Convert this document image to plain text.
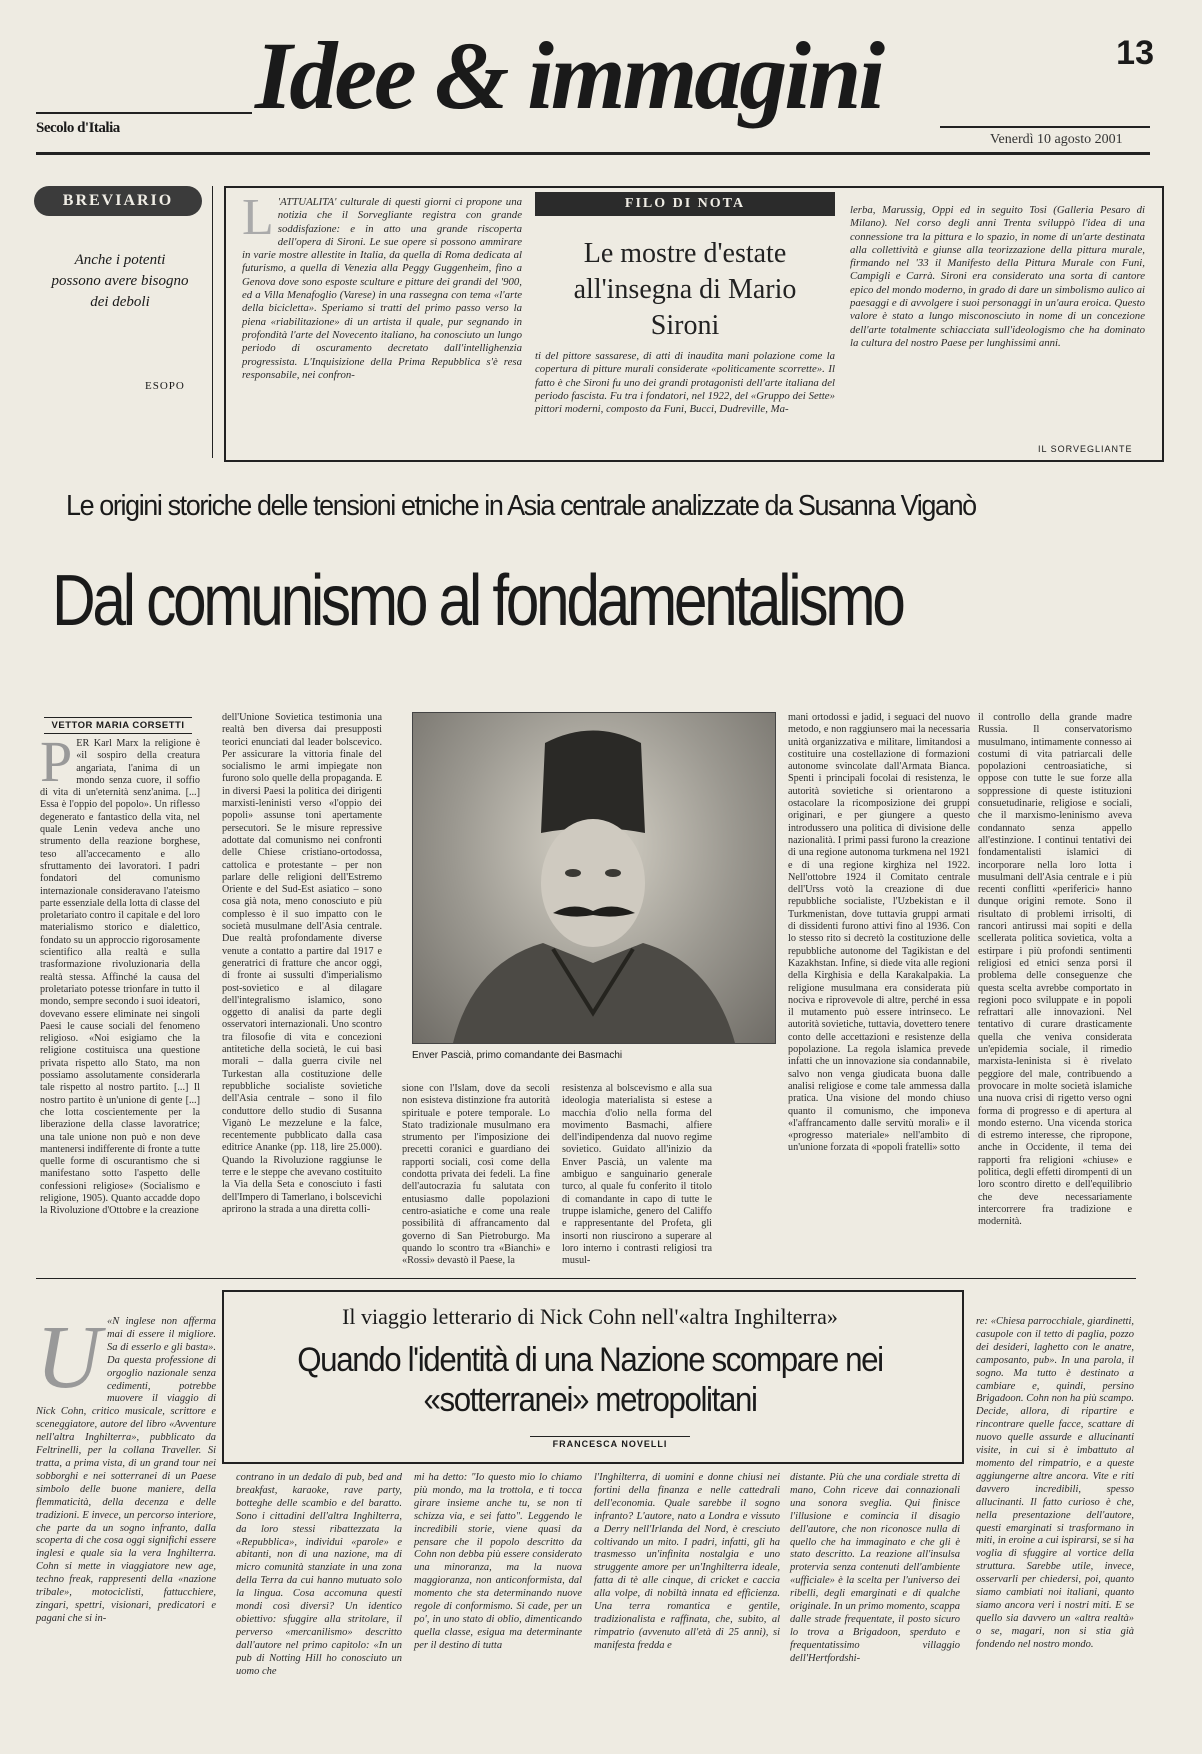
Idee & immagini	13
Secolo d'Italia
Venerdì 10 agosto 2001
BREVIARIO
Anche i potenti possono avere bisogno dei deboli
ESOPO
FILO DI NOTA
Le mostre d'estate all'insegna di Mario Sironi
L 'ATTUALITA' culturale di questi giorni ci propone una notizia che il Sorvegliante registra con grande soddisfazione: e in atto una grande riscoperta dell'opera di Sironi. Le sue opere si possono ammirare in varie mostre allestite in Italia, da quella di Roma dedicata al futurismo, a quella di Venezia alla Peggy Guggenheim, fino a Genova dove sono esposte sculture e pitture dei grandi del '900, ed a Villa Menafoglio (Varese) in una rassegna con tema «l'arte della bicicletta». Speriamo si tratti del primo passo verso la piena «riabilitazione» di un artista il quale, pur segnando in profondità l'arte del Novecento italiano, ha conosciuto un lungo periodo di oscuramento decretato dall'intellighenzia progressista. L'Inquisizione della Prima Repubblica s'è resa responsabile, nei confron-
ti del pittore sassarese, di atti di inaudita mani polazione come la copertura di pitture murali considerate «politicamente scorrette». Il fatto è che Sironi fu uno dei grandi protagonisti dell'arte italiana del periodo fascista. Fu tra i fondatori, nel 1922, del «Gruppo dei Sette» pittori moderni, composto da Funi, Bucci, Dudreville, Ma-
lerba, Marussig, Oppi ed in seguito Tosi (Galleria Pesaro di Milano). Nel corso degli anni Trenta sviluppò l'idea di una connessione tra la pittura e lo spazio, in nome di un'arte destinata alla collettività e giunse alla teorizzazione della pittura murale, firmando nel '33 il Manifesto della Pittura Murale con Funi, Campigli e Carrà. Sironi era considerato una sorta di cantore epico del mondo moderno, in grado di dare un simbolismo aulico ai paesaggi e di avvolgere i suoi personaggi in un'aura eroica. Questo valore è stato a lungo misconosciuto in nome di un concezione dell'arte totalmente schiacciata sull'ideologismo che ha dominato la cultura del nostro Paese per lunghissimi anni.
IL SORVEGLIANTE
Le origini storiche delle tensioni etniche in Asia centrale analizzate da Susanna Viganò
Dal comunismo al fondamentalismo
VETTOR MARIA CORSETTI
P ER Karl Marx la religione è «il sospiro della creatura angariata, l'anima di un mondo senza cuore, il soffio di vita di un'eternità senz'anima. [...] Essa è l'oppio del popolo». Un riflesso degenerato e fantastico della vita, nel quale Lenin vedeva anche uno strumento della reazione borghese, teso all'accecamento e allo sfruttamento dei lavoratori. I padri fondatori del comunismo internazionale consideravano l'ateismo parte essenziale della lotta di classe del proletariato contro il capitale e del loro materialismo storico e dialettico, fondato su un approccio rigorosamente scientifico alla realtà e sulla trasformazione rivoluzionaria della realtà stessa. Affinché la causa del proletariato potesse trionfare in tutto il mondo, sempre secondo i suoi ideatori, dovevano essere eliminate nei singoli Paesi le cause sociali del fenomeno religioso. «Noi esigiamo che la religione costituisca una questione privata rispetto allo Stato, ma non possiamo assolutamente considerarla tale rispetto al nostro partito. [...] Il nostro partito è un'unione di gente [...] che lotta coscientemente per la liberazione della classe lavoratrice; una tale unione non può e non deve mantenersi indifferente di fronte a tutte quelle forme di oscurantismo che si manifestano sotto l'aspetto delle confessioni religiose» (Socialismo e religione, 1905). Quanto accadde dopo la Rivoluzione d'Ottobre e la creazione
dell'Unione Sovietica testimonia una realtà ben diversa dai presupposti teorici enunciati dal leader bolscevico. Per assicurare la vittoria finale del socialismo le armi impiegate non furono solo quelle della propaganda. E in diversi Paesi la politica dei dirigenti marxisti-leninisti verso «l'oppio dei popoli» assunse toni apertamente persecutori. Se le misure repressive adottate dal comunismo nei confronti delle Chiese cristiano-ortodossa, cattolica e protestante – per non parlare delle religioni dell'Estremo Oriente e del Sud-Est asiatico – sono cosa già nota, meno conosciuto e più complesso è il suo impatto con le società musulmane dell'Asia centrale. Due realtà profondamente diverse venute a contatto a partire dal 1917 e generatrici di fratture che ancor oggi, di fronte ai sussulti d'imperialismo post-sovietico e al dilagare dell'integralismo islamico, sono oggetto di analisi da parte degli osservatori internazionali. Uno scontro tra filosofie di vita e concezioni antitetiche della società, le cui basi morali – dalla guerra civile nel Turkestan alla costituzione delle repubbliche socialiste sovietiche dell'Asia centrale – sono il filo conduttore dello studio di Susanna Viganò Le mezzelune e la falce, recentemente pubblicato dalla casa editrice Ananke (pp. 118, lire 25.000). Quando la Rivoluzione raggiunse le terre e le steppe che avevano costituito la Via della Seta e conosciuto i fasti dell'Impero di Tamerlano, i bolscevichi aprirono la strada a una diretta colli-
Enver Pascià, primo comandante dei Basmachi
sione con l'Islam, dove da secoli non esisteva distinzione fra autorità spirituale e potere temporale. Lo Stato tradizionale musulmano era strumento per l'imposizione dei precetti coranici e guardiano dei rapporti sociali, così come della condotta privata dei fedeli. La fine dell'autocrazia fu salutata con entusiasmo dalle popolazioni centro-asiatiche e come una reale possibilità di affrancamento dal governo di San Pietroburgo. Ma quando lo scontro tra «Bianchi» e «Rossi» devastò il Paese, la
resistenza al bolscevismo e alla sua ideologia materialista si estese a macchia d'olio nella forma del movimento Basmachi, alfiere dell'indipendenza dal nuovo regime sovietico. Guidato all'inizio da Enver Pascià, un valente ma ambiguo e sanguinario generale turco, al quale fu conferito il titolo di comandante in capo di tutte le truppe islamiche, genero del Califfo e rappresentante del Profeta, gli insorti non riuscirono a superare al loro interno i contrasti religiosi tra musul-
mani ortodossi e jadid, i seguaci del nuovo metodo, e non raggiunsero mai la necessaria unità organizzativa e militare, limitandosi a costituire una costellazione di formazioni autonome svincolate dall'Armata Bianca. Spenti i principali focolai di resistenza, le autorità sovietiche si orientarono a ostacolare la ricomposizione dei gruppi originari, e per giungere a questo introdussero una politica di divisione delle nazionalità. I primi passi furono la creazione di una regione autonoma turkmena nel 1921 e di una regione kirghiza nel 1922. Nell'ottobre 1924 il Comitato centrale dell'Urss votò la creazione di due repubbliche socialiste, l'Uzbekistan e il Turkmenistan, dove tuttavia gruppi armati di dissidenti furono attivi fino al 1936. Con lo stesso rito si decretò la costituzione delle repubbliche autonome del Tagikistan e del Kazakhstan. Infine, si diede vita alle regioni della Kirghisia e della Karakalpakia. La religione musulmana era considerata più nociva e riprovevole di altre, perché in essa il mutamento può essere intrinseco. Le autorità sovietiche, tuttavia, dovettero tenere conto delle accettazioni e resistenze della popolazione. La regola islamica prevede infatti che un innovazione sia condannabile, salvo non venga giudicata buona dalle analisi religiose e come tale ammessa dalla pratica. Una visione del mondo chiuso quanto il comunismo, che imponeva «l'affrancamento dalle servitù morali» e il «progresso materiale» nell'ambito di un'unione forzata di «popoli fratelli» sotto
il controllo della grande madre Russia. Il conservatorismo musulmano, intimamente connesso ai costumi di vita patriarcali delle popolazioni centroasiatiche, si oppose con tutte le sue forze alla soppressione di queste istituzioni consuetudinarie, religiose e sociali, che il marxismo-leninismo aveva condannato senza appello all'estinzione. I continui tentativi dei fondamentalisti islamici di incorporare nella loro lotta i musulmani dell'Asia centrale e i più recenti conflitti «periferici» hanno dunque origini remote. Sono il risultato di problemi irrisolti, di rancori antirussi mai sopiti e della scellerata politica sovietica, volta a estirpare i più profondi sentimenti religiosi ed etnici senza porsi il problema delle conseguenze che questa scelta avrebbe comportato in regioni poco sviluppate e in popoli refrattari alle innovazioni. Nel tentativo di curare drasticamente quella che veniva considerata un'epidemia sociale, il rimedio marxista-leninista si è rivelato peggiore del male, contribuendo a provocare in molte società islamiche una nuova crisi di rigetto verso ogni forma di progresso e di apertura al mondo esterno. Una vicenda storica di estremo interesse, che ripropone, anche in Occidente, il tema dei rapporti fra religioni «chiuse» e politica, degli effetti dirompenti di un loro scontro diretto e dell'equilibrio che deve necessariamente intercorrere fra tradizione e modernità.
Il viaggio letterario di Nick Cohn nell'«altra Inghilterra»
Quando l'identità di una Nazione scompare nei «sotterranei» metropolitani
FRANCESCA NOVELLI
U «N inglese non afferma mai di essere il migliore. Sa di esserlo e gli basta». Da questa professione di orgoglio nazionale senza cedimenti, potrebbe muovere il viaggio di Nick Cohn, critico musicale, scrittore e sceneggiatore, autore del libro «Avventure nell'altra Inghilterra», pubblicato da Feltrinelli, per la collana Traveller. Si tratta, a prima vista, di un grand tour nei sobborghi e nei sotterranei di un Paese simbolo delle buone maniere, della flemmaticità, della decenza e delle tradizioni. E invece, un percorso interiore, che parte da un sogno infranto, dalla scoperta di che cosa oggi significhi essere inglesi e quale sia la vera Inghilterra. Cohn si mette in viaggiatore new age, techno freak, rappresenti della «nazione tribale», motociclisti, fattucchiere, zingari, spettri, visionari, predicatori e pagani che si in-
contrano in un dedalo di pub, bed and breakfast, karaoke, rave party, botteghe delle scambio e del baratto. Sono i cittadini dell'altra Inghilterra, da loro stessi ribattezzata la «Repubblica», individui «parole» e abitanti, non di una nazione, ma di micro comunità stanziate in una zona della Terra da cui hanno mutuato solo la lingua. Cosa accomuna questi mondi così diversi? Un identico obiettivo: sfuggire alla stritolare, il perverso «mercanilismo» descritto dall'autore nel primo capitolo: «In un pub di Notting Hill ho conosciuto un uomo che
mi ha detto: "Io questo mio lo chiamo più mondo, ma la trottola, e ti tocca girare insieme anche tu, se non ti schizza via, e sei fatto". Leggendo le incredibili storie, viene quasi da pensare che il popolo descritto da Cohn non debba più essere considerato una minoranza, ma la nuova maggioranza, non anticonformista, dal momento che sta determinando nuove regole di conformismo. Si cade, per un po', in uno stato di oblio, dimenticando quella classe, esigua ma determinante per il destino di tutta
l'Inghilterra, di uomini e donne chiusi nei fortini della finanza e nelle cattedrali dell'economia. Quale sarebbe il sogno infranto? L'autore, nato a Londra e vissuto a Derry nell'Irlanda del Nord, è cresciuto coltivando un mito. I padri, infatti, gli ha trasmesso un'infinita nostalgia e uno struggente amore per un'Inghilterra ideale, fatta di tè alle cinque, di cricket e caccia alla volpe, di nobiltà innata ed efficienza. Una terra romantica e gentile, tradizionalista e raffinata, che, subito, al rimpatrio (avvenuto all'età di 25 anni), si manifesta fredda e
distante. Più che una cordiale stretta di mano, Cohn riceve dai connazionali una sonora sveglia. Qui finisce l'illusione e comincia il disagio dell'autore, che non riconosce nulla di quello che ha immaginato e che gli è stato descritto. La reazione all'insulsa protervia senza contenuti dell'ambiente «ufficiale» è la scelta per l'universo dei ribelli, degli emarginati e di qualche originale. In un primo momento, scappa dalle strade frequentate, il posto sicuro lo trova a Brigadoon, sperduto e frequentatissimo villaggio dell'Hertfordshi-
re: «Chiesa parrocchiale, giardinetti, casupole con il tetto di paglia, pozzo dei desideri, laghetto con le anatre, camposanto, pub». In una parola, il sogno. Ma tutto è destinato a cambiare e, quindi, persino Brigadoon. Cohn non ha più scampo. Decide, allora, di ripartire e rincontrare quelle facce, scattare di nuovo quelle assurde e allucinanti visite, in cui si è imbattuto al momento del rimpatrio, e a queste aggiungerne altre ancora. Vite e riti davvero incredibili, spesso allucinanti. Il fatto curioso è che, nella presentazione dell'autore, questi emarginati si trasformano in miti, in eroine a cui ispirarsi, se si ha voglia di sfuggire al vortice della struttura. Sarebbe utile, invece, osservarli per chiedersi, poi, quanto siamo cambiati noi italiani, quanto siamo ancora veri i nostri miti. E se quello sia davvero un «altra realtà» o se, magari, non si stia già fondendo nel nostro mondo.
